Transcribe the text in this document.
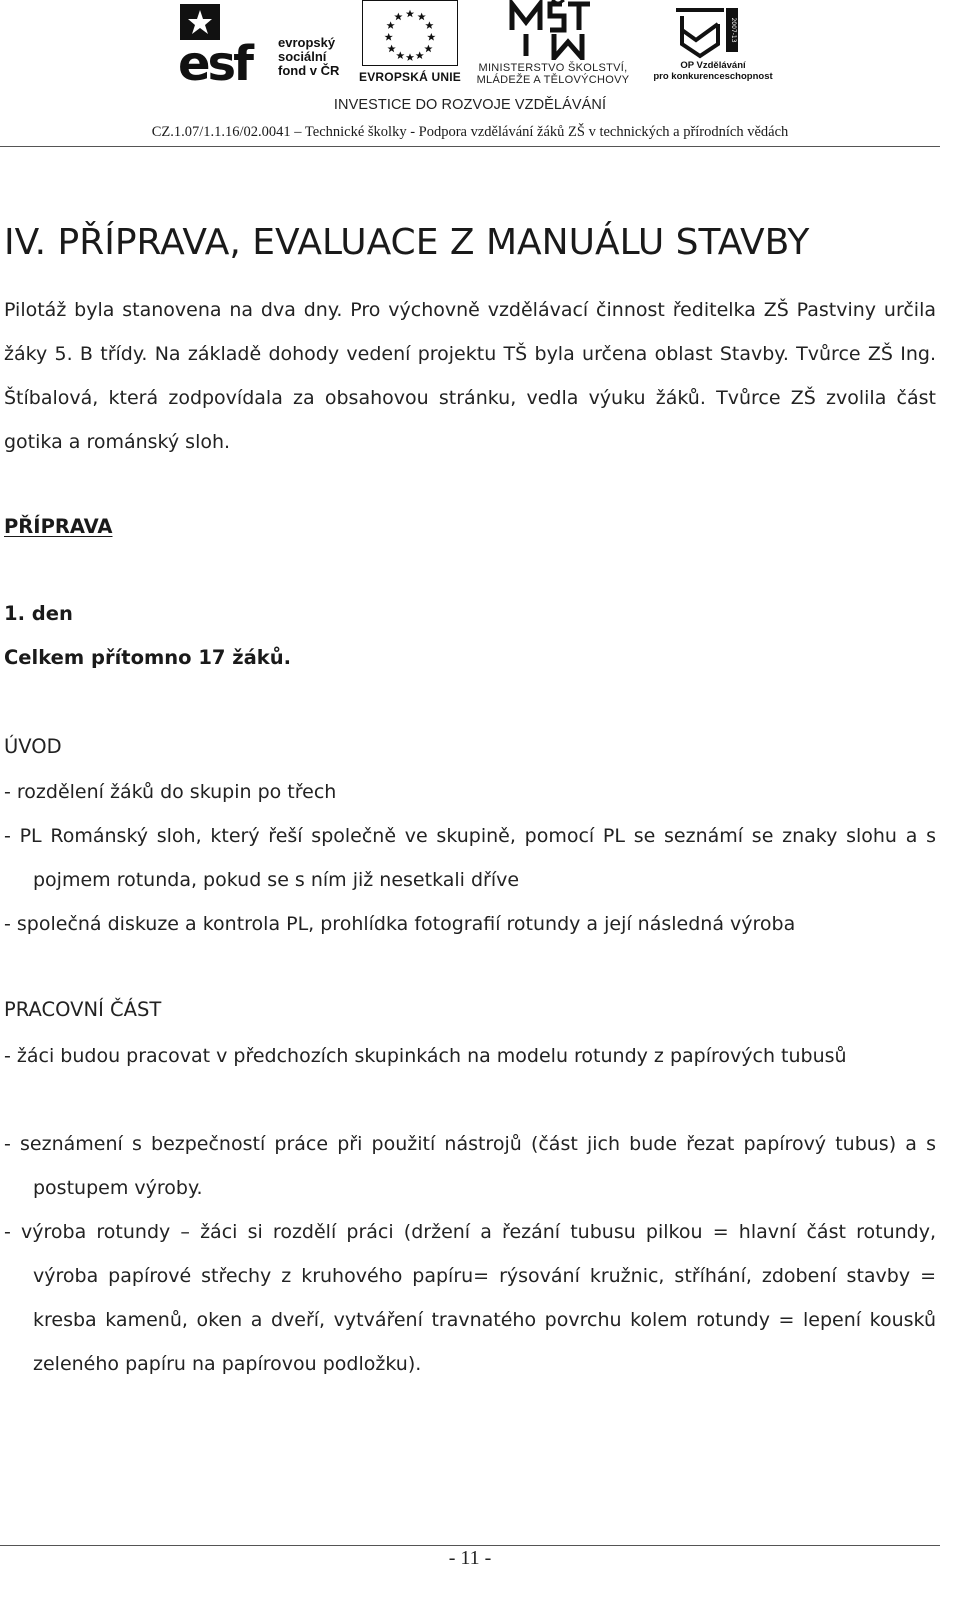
esf	evropský
sociální
fond v ČR EVROPSKÁ UNIE
MINISTERSTVO ŠKOLSTVÍ,
MLÁDEŽE A TĚLOVÝCHOVY
2007-13
OP Vzdělávání
pro konkurenceschopnost
INVESTICE DO ROZVOJE VZDĚLÁVÁNÍ
CZ.1.07/1.1.16/02.0041 – Technické školky - Podpora vzdělávání žáků ZŠ v technických a přírodních vědách
IV. PŘÍPRAVA, EVALUACE Z MANUÁLU STAVBY

Pilotáž byla stanovena na dva dny. Pro výchovně vzdělávací činnost ředitelka ZŠ Pastviny určila žáky 5. B třídy. Na základě dohody vedení projektu TŠ byla určena oblast Stavby. Tvůrce ZŠ Ing. Štíbalová, která zodpovídala za obsahovou stránku, vedla výuku žáků. Tvůrce ZŠ zvolila část gotika a románský sloh.

PŘÍPRAVA
1. den
Celkem přítomno 17 žáků.
ÚVOD
- rozdělení žáků do skupin po třech
- PL Románský sloh, který řeší společně ve skupině, pomocí PL se seznámí se znaky slohu a s pojmem rotunda, pokud se s ním již nesetkali dříve
- společná diskuze a kontrola PL, prohlídka fotografií rotundy a její následná výroba
PRACOVNÍ ČÁST
- žáci budou pracovat v předchozích skupinkách na modelu rotundy z papírových tubusů
- seznámení s bezpečností práce při použití nástrojů (část jich bude řezat papírový tubus) a s postupem výroby.
- výroba rotundy – žáci si rozdělí práci (držení a řezání tubusu pilkou = hlavní část rotundy, výroba papírové střechy z kruhového papíru= rýsování kružnic, stříhání, zdobení stavby = kresba kamenů, oken a dveří, vytváření travnatého povrchu kolem rotundy = lepení kousků zeleného papíru na papírovou podložku).
- 11 -
